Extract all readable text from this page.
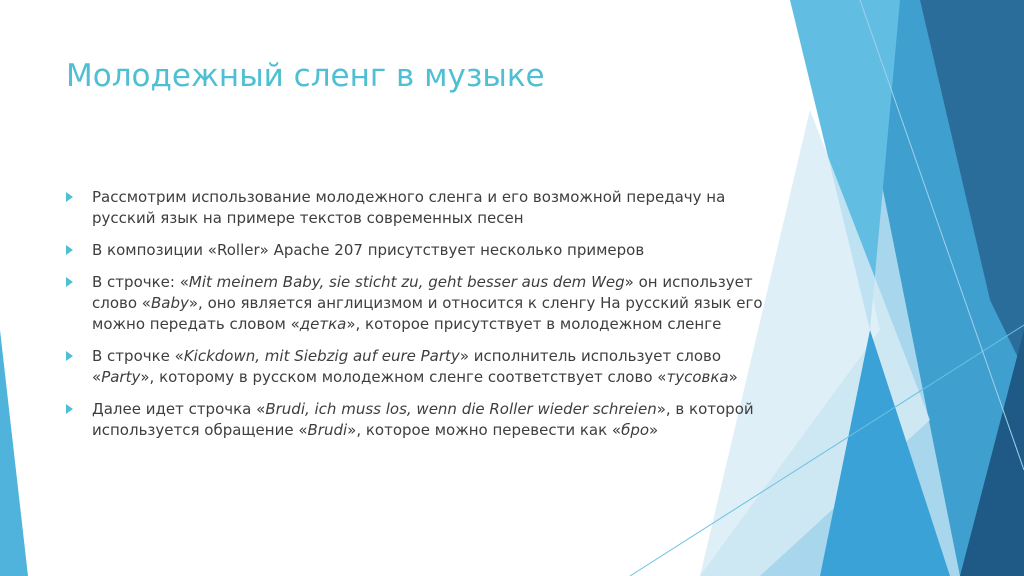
Молодежный сленг в музыке
Рассмотрим использование молодежного сленга и его возможной передачу на русский язык на примере текстов современных песен
В композиции «Roller» Apache 207 присутствует несколько примеров
В строчке: «Mit meinem Baby, sie sticht zu, geht besser aus dem Weg» он использует слово «Baby», оно является англицизмом и относится к сленгу На русский язык его можно передать словом «детка», которое присутствует в молодежном сленге
В строчке «Kickdown, mit Siebzig auf eure Party» исполнитель использует слово «Party», которому в русском молодежном сленге соответствует слово «тусовка»
Далее идет строчка «Brudi, ich muss los, wenn die Roller wieder schreien», в которой используется обращение «Brudi», которое можно перевести как «бро»
